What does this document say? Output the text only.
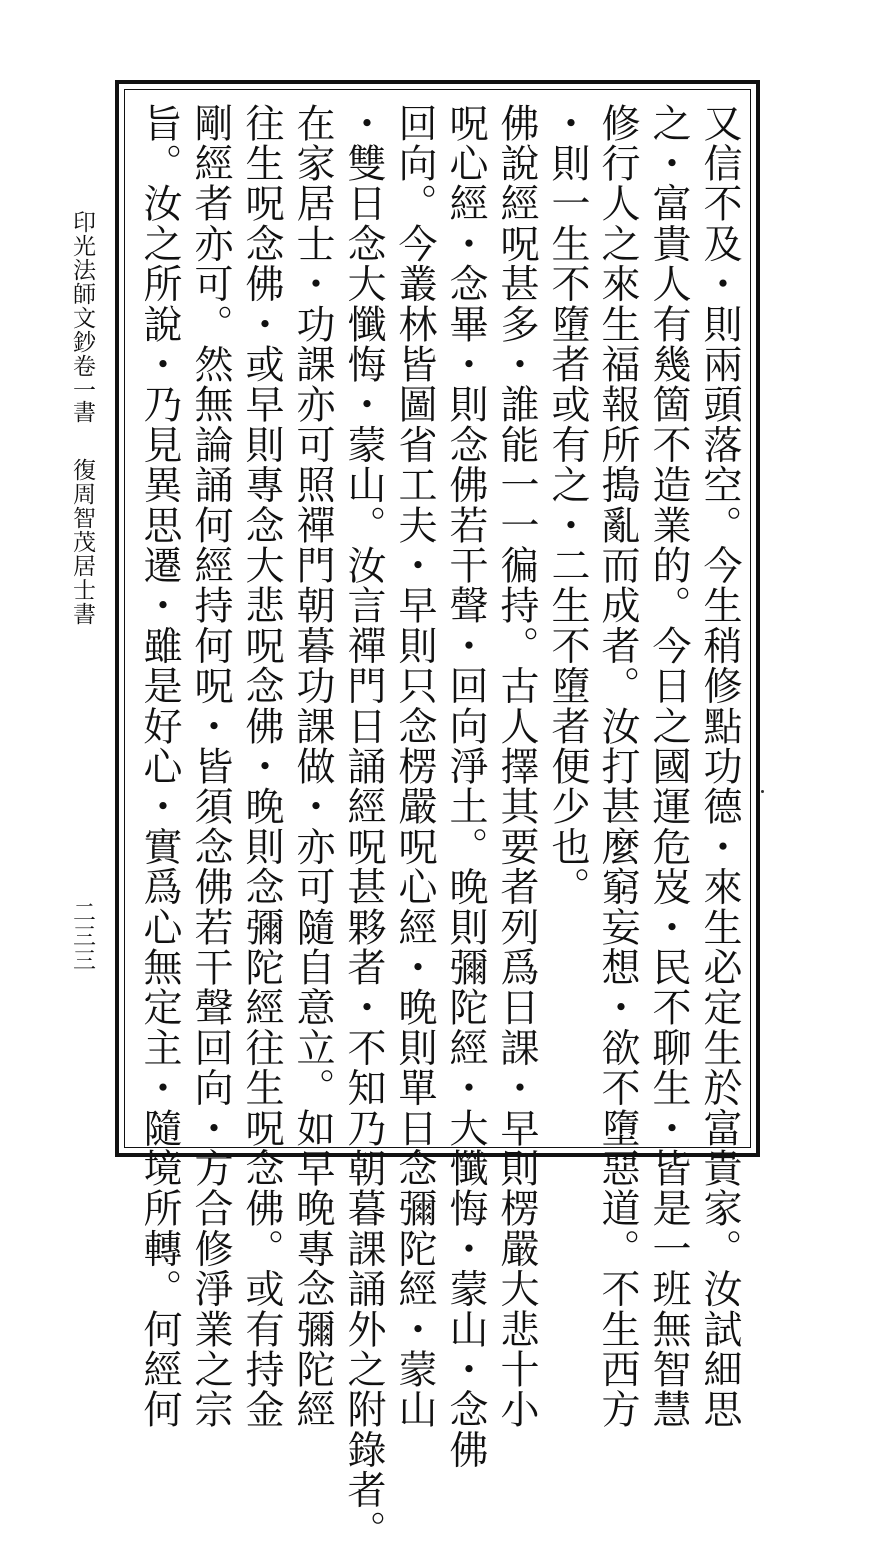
印光法師文鈔卷一
書
復周智茂居士書
二三三	又信不及・則兩頭落空。今生稍修點功德・來生必定生於富貴家。汝試細思
之・富貴人有幾箇不造業的。今日之國運危岌・民不聊生・皆是一班無智慧
修行人之來生福報所搗亂而成者。汝打甚麼窮妄想・欲不墮惡道。不生西方
・則一生不墮者或有之・二生不墮者便少也。
佛說經呪甚多・誰能一一徧持。古人擇其要者列爲日課・早則楞嚴大悲十小
呪心經・念畢・則念佛若干聲・回向淨土。晚則彌陀經・大懺悔・蒙山・念佛
回向。今叢林皆圖省工夫・早則只念楞嚴呪心經・晚則單日念彌陀經・蒙山
・雙日念大懺悔・蒙山。汝言禪門日誦經呪甚夥者・不知乃朝暮課誦外之附錄者。
在家居士・功課亦可照禪門朝暮功課做・亦可隨自意立。如早晚專念彌陀經
往生呪念佛・或早則專念大悲呪念佛・晚則念彌陀經往生呪念佛。或有持金
剛經者亦可。然無論誦何經持何呪・皆須念佛若干聲回向・方合修淨業之宗
旨。汝之所說・乃見異思遷・雖是好心・實爲心無定主・隨境所轉。何經何
